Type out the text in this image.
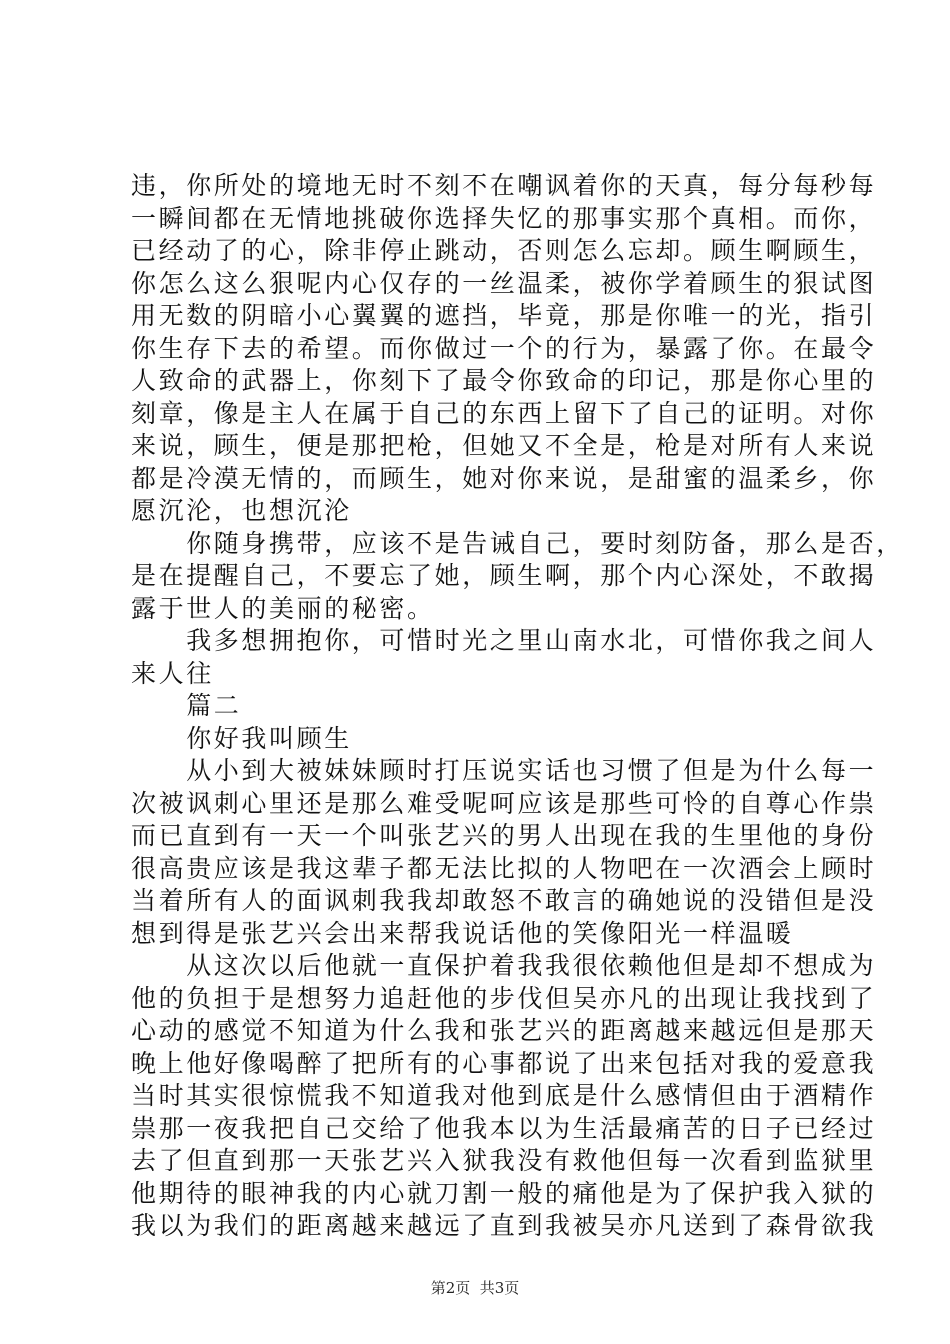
违，你所处的境地无时不刻不在嘲讽着你的天真，每分每秒每
一瞬间都在无情地挑破你选择失忆的那事实那个真相。而你，
已经动了的心，除非停止跳动，否则怎么忘却。顾生啊顾生，
你怎么这么狠呢内心仅存的一丝温柔，被你学着顾生的狠试图
用无数的阴暗小心翼翼的遮挡，毕竟，那是你唯一的光，指引
你生存下去的希望。而你做过一个的行为，暴露了你。在最令
人致命的武器上，你刻下了最令你致命的印记，那是你心里的
刻章，像是主人在属于自己的东西上留下了自己的证明。对你
来说，顾生，便是那把枪，但她又不全是，枪是对所有人来说
都是冷漠无情的，而顾生，她对你来说，是甜蜜的温柔乡，你
愿沉沦，也想沉沦
　　你随身携带，应该不是告诫自己，要时刻防备，那么是否，
是在提醒自己，不要忘了她，顾生啊，那个内心深处，不敢揭
露于世人的美丽的秘密。
　　我多想拥抱你，可惜时光之里山南水北，可惜你我之间人
来人往
　　篇二
　　你好我叫顾生
　　从小到大被妹妹顾时打压说实话也习惯了但是为什么每一
次被讽刺心里还是那么难受呢呵应该是那些可怜的自尊心作祟
而已直到有一天一个叫张艺兴的男人出现在我的生里他的身份
很高贵应该是我这辈子都无法比拟的人物吧在一次酒会上顾时
当着所有人的面讽刺我我却敢怒不敢言的确她说的没错但是没
想到得是张艺兴会出来帮我说话他的笑像阳光一样温暖
　　从这次以后他就一直保护着我我很依赖他但是却不想成为
他的负担于是想努力追赶他的步伐但吴亦凡的出现让我找到了
心动的感觉不知道为什么我和张艺兴的距离越来越远但是那天
晚上他好像喝醉了把所有的心事都说了出来包括对我的爱意我
当时其实很惊慌我不知道我对他到底是什么感情但由于酒精作
祟那一夜我把自己交给了他我本以为生活最痛苦的日子已经过
去了但直到那一天张艺兴入狱我没有救他但每一次看到监狱里
他期待的眼神我的内心就刀割一般的痛他是为了保护我入狱的
我以为我们的距离越来越远了直到我被吴亦凡送到了森骨欲我
第2页  共3页
